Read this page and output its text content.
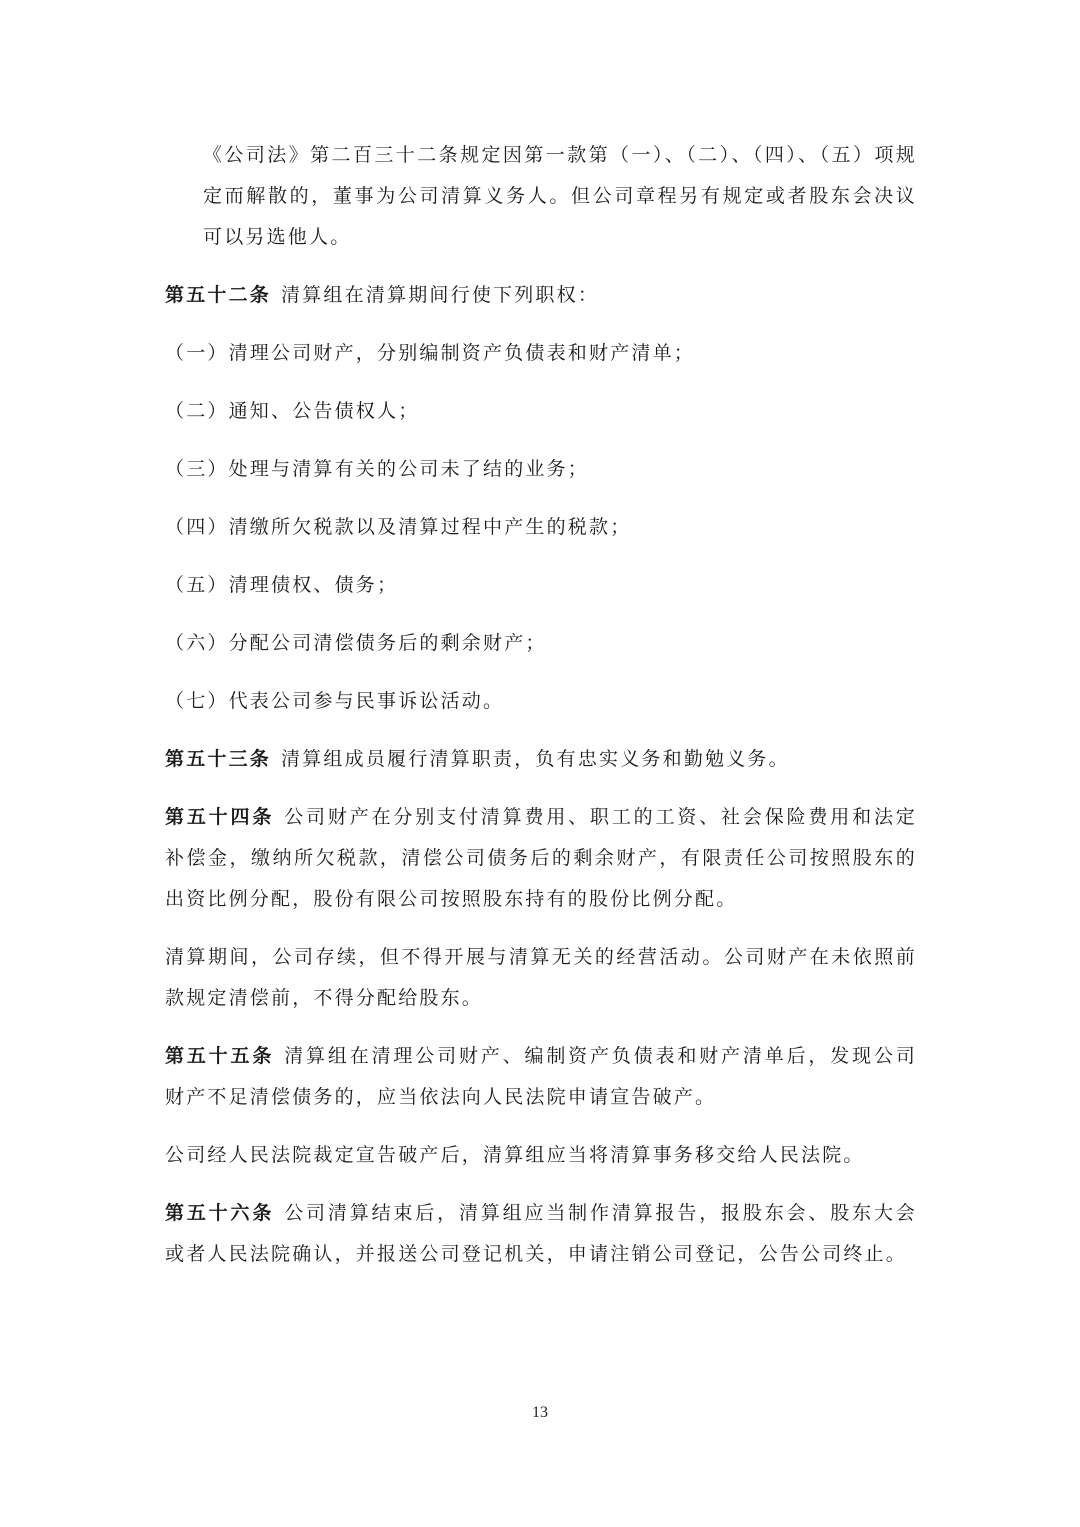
《公司法》第二百三十二条规定因第一款第（一）、（二）、（四）、（五）项规定而解散的，董事为公司清算义务人。但公司章程另有规定或者股东会决议可以另选他人。

第五十二条 清算组在清算期间行使下列职权：

（一）清理公司财产，分别编制资产负债表和财产清单；

（二）通知、公告债权人；

（三）处理与清算有关的公司未了结的业务；

（四）清缴所欠税款以及清算过程中产生的税款；

（五）清理债权、债务；

（六）分配公司清偿债务后的剩余财产；

（七）代表公司参与民事诉讼活动。

第五十三条 清算组成员履行清算职责，负有忠实义务和勤勉义务。

第五十四条 公司财产在分别支付清算费用、职工的工资、社会保险费用和法定补偿金，缴纳所欠税款，清偿公司债务后的剩余财产，有限责任公司按照股东的出资比例分配，股份有限公司按照股东持有的股份比例分配。

清算期间，公司存续，但不得开展与清算无关的经营活动。公司财产在未依照前款规定清偿前，不得分配给股东。

第五十五条 清算组在清理公司财产、编制资产负债表和财产清单后，发现公司财产不足清偿债务的，应当依法向人民法院申请宣告破产。

公司经人民法院裁定宣告破产后，清算组应当将清算事务移交给人民法院。

第五十六条 公司清算结束后，清算组应当制作清算报告，报股东会、股东大会或者人民法院确认，并报送公司登记机关，申请注销公司登记，公告公司终止。

13
